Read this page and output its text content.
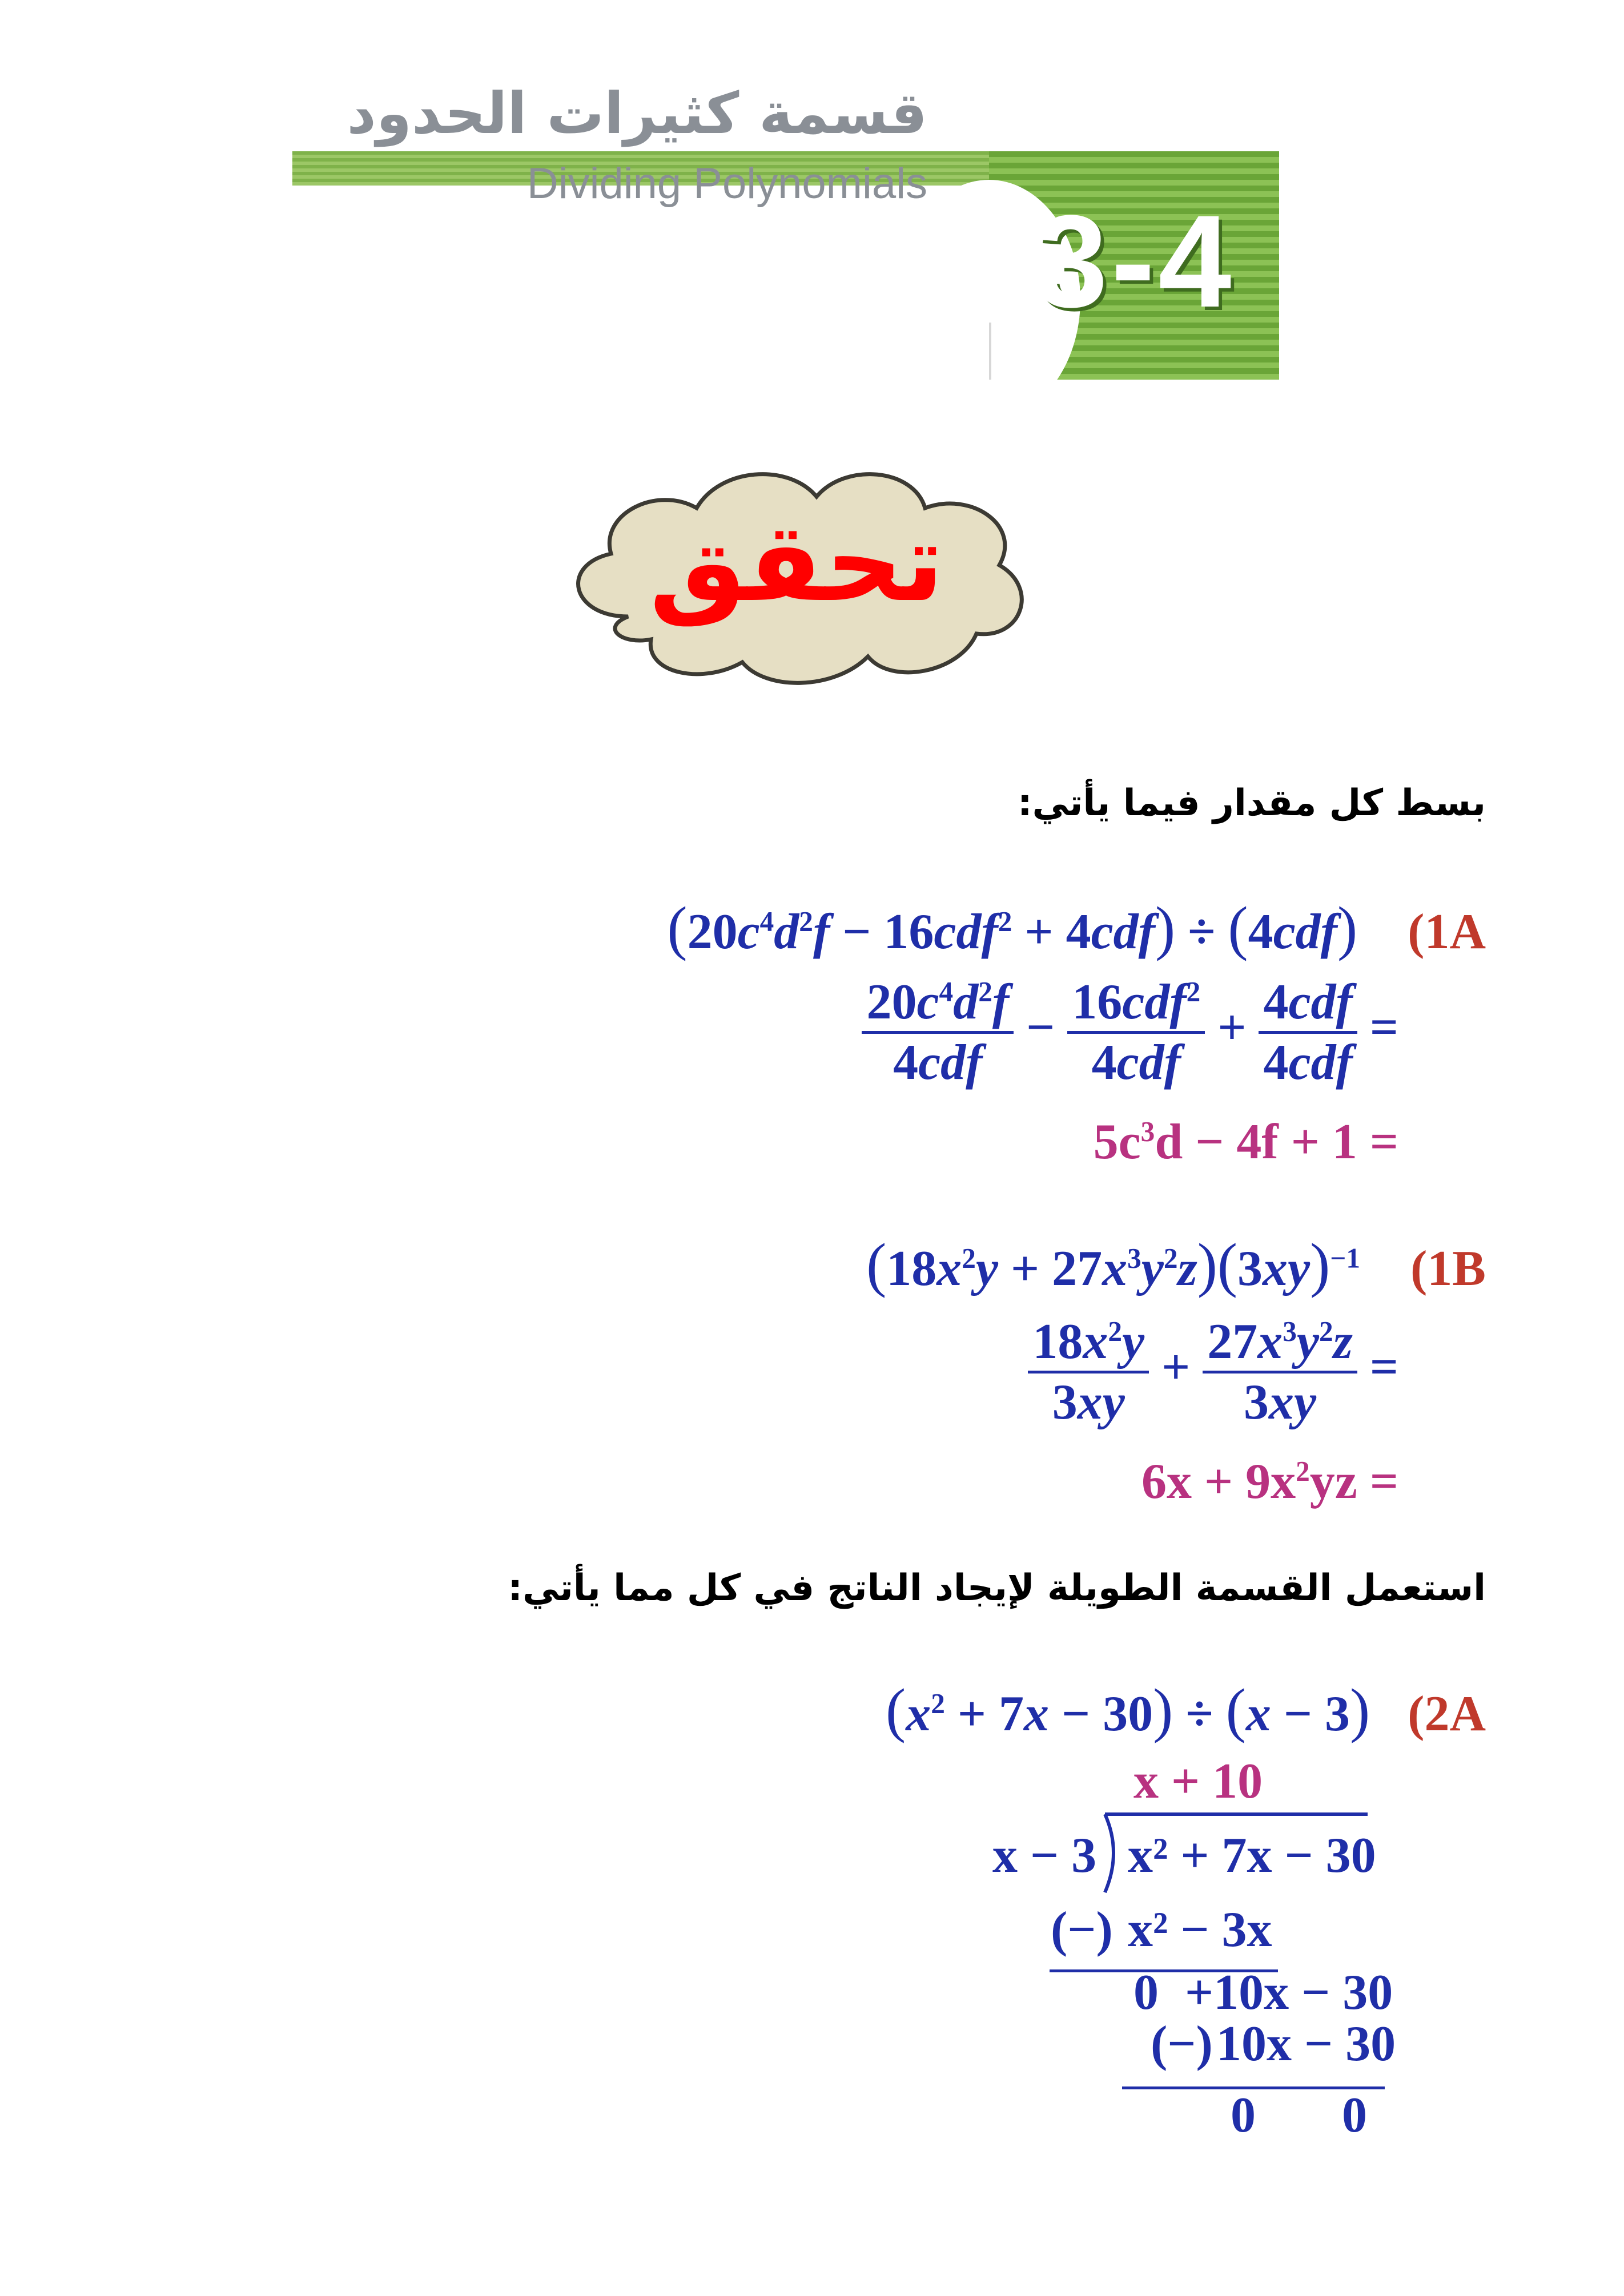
3-4
قسمة كثيرات الحدود
Dividing Polynomials
تحقق
بسط كل مقدار فيما يأتي:
$(20c^4d^2f - 16cdf^2 + 4cdf) \div (4cdf)$ (1A
$\frac{20c^4d^2f}{\text{4cdf}} - \frac{16cdf^2}{\text{4cdf}} + \frac{\text{4cdf}}{\text{4cdf}}$ =
$5c^3d - 4f + 1$ =
$(18x^2y + 27x^3y^2z)(3xy)^{-1}$ (1B
$\frac{18x^2y}{3xy} + \frac{27x^3y^2z}{3xy}$ =
$6x + 9x^2yz$ =
استعمل القسمة الطويلة لإيجاد الناتج في كل مما يأتي:
$(x^2 + 7x - 30) \div (x - 3)$ (2A
x + 10
x − 3 x² + 7x − 30
(−) x² − 3x
0 +10x − 30
(−) 10x − 30
0 0
